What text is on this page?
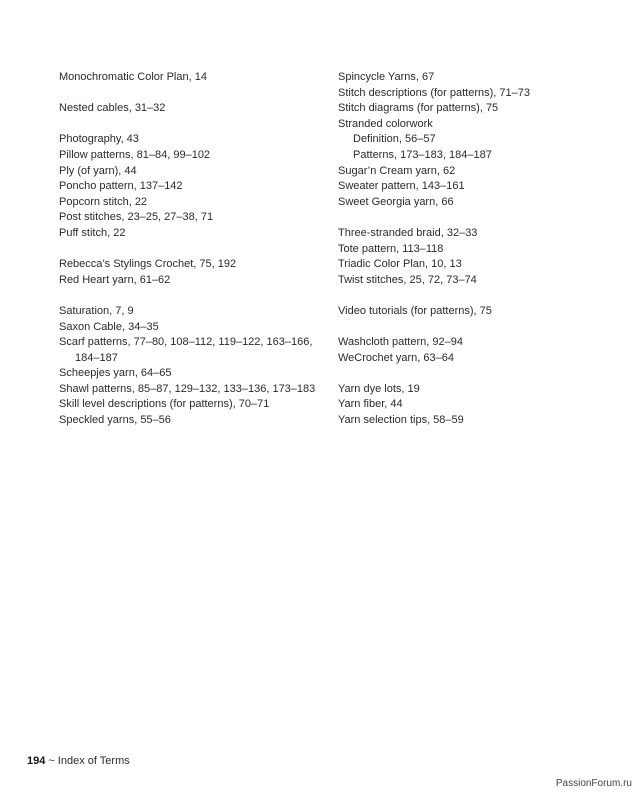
Monochromatic Color Plan, 14
Nested cables, 31–32
Photography, 43
Pillow patterns, 81–84, 99–102
Ply (of yarn), 44
Poncho pattern, 137–142
Popcorn stitch, 22
Post stitches, 23–25, 27–38, 71
Puff stitch, 22
Rebecca’s Stylings Crochet, 75, 192
Red Heart yarn, 61–62
Saturation, 7, 9
Saxon Cable, 34–35
Scarf patterns, 77–80, 108–112, 119–122, 163–166, 184–187
Scheepjes yarn, 64–65
Shawl patterns, 85–87, 129–132, 133–136, 173–183
Skill level descriptions (for patterns), 70–71
Speckled yarns, 55–56
Spincycle Yarns, 67
Stitch descriptions (for patterns), 71–73
Stitch diagrams (for patterns), 75
Stranded colorwork
Definition, 56–57
Patterns, 173–183, 184–187
Sugar’n Cream yarn, 62
Sweater pattern, 143–161
Sweet Georgia yarn, 66
Three-stranded braid, 32–33
Tote pattern, 113–118
Triadic Color Plan, 10, 13
Twist stitches, 25, 72, 73–74
Video tutorials (for patterns), 75
Washcloth pattern, 92–94
WeCrochet yarn, 63–64
Yarn dye lots, 19
Yarn fiber, 44
Yarn selection tips, 58–59
194 ~ Index of Terms
PassionForum.ru
